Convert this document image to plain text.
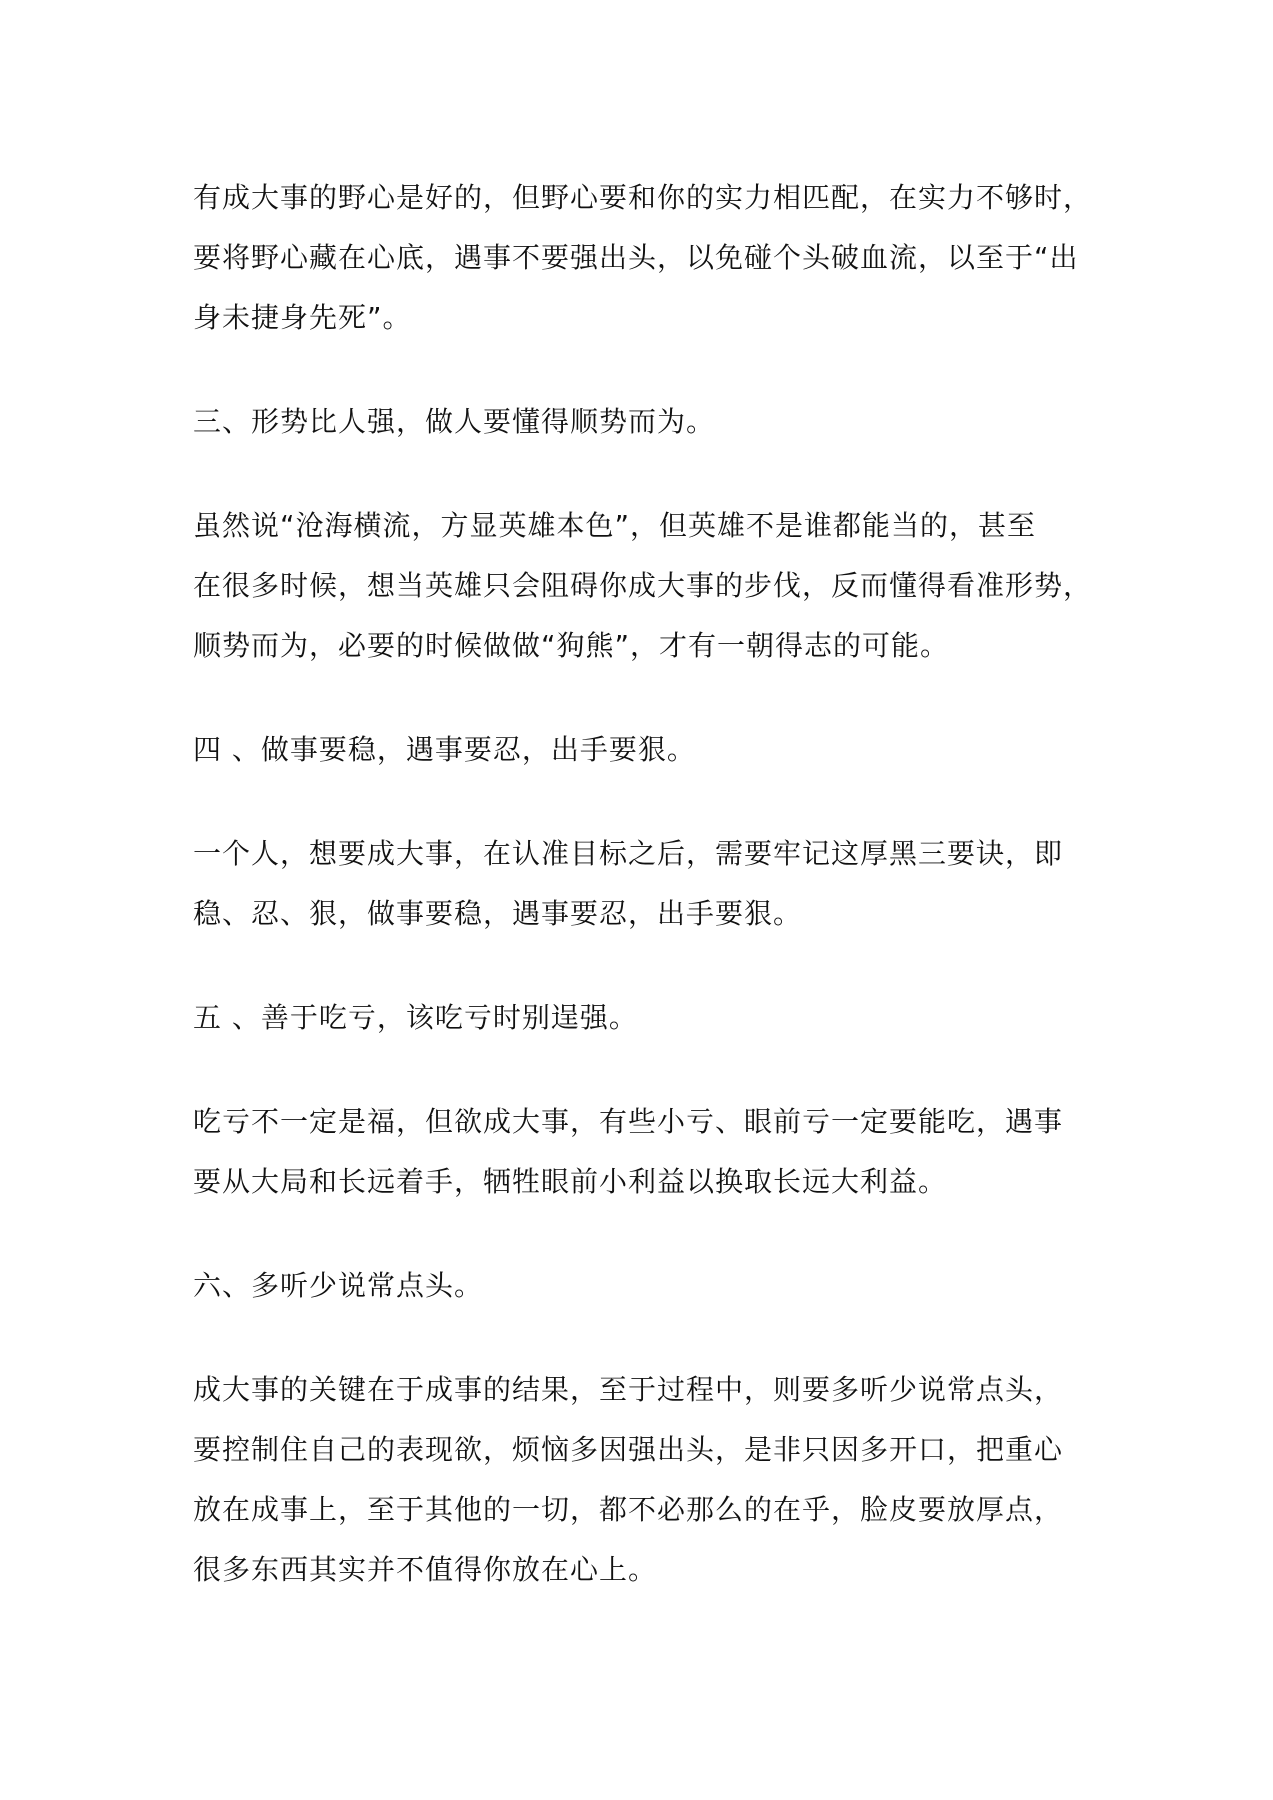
有成大事的野心是好的，但野心要和你的实力相匹配，在实力不够时，

要将野心藏在心底，遇事不要强出头，以免碰个头破血流，以至于“出

身未捷身先死”。

三、形势比人强，做人要懂得顺势而为。

虽然说“沧海横流，方显英雄本色”，但英雄不是谁都能当的，甚至

在很多时候，想当英雄只会阻碍你成大事的步伐，反而懂得看准形势，

顺势而为，必要的时候做做“狗熊”，才有一朝得志的可能。

四 、做事要稳，遇事要忍，出手要狠。

一个人，想要成大事，在认准目标之后，需要牢记这厚黑三要诀，即

稳、忍、狠，做事要稳，遇事要忍，出手要狠。

五 、善于吃亏，该吃亏时别逞强。

吃亏不一定是福，但欲成大事，有些小亏、眼前亏一定要能吃，遇事

要从大局和长远着手，牺牲眼前小利益以换取长远大利益。

六、多听少说常点头。

成大事的关键在于成事的结果，至于过程中，则要多听少说常点头，

要控制住自己的表现欲，烦恼多因强出头，是非只因多开口，把重心

放在成事上，至于其他的一切，都不必那么的在乎，脸皮要放厚点，

很多东西其实并不值得你放在心上。
